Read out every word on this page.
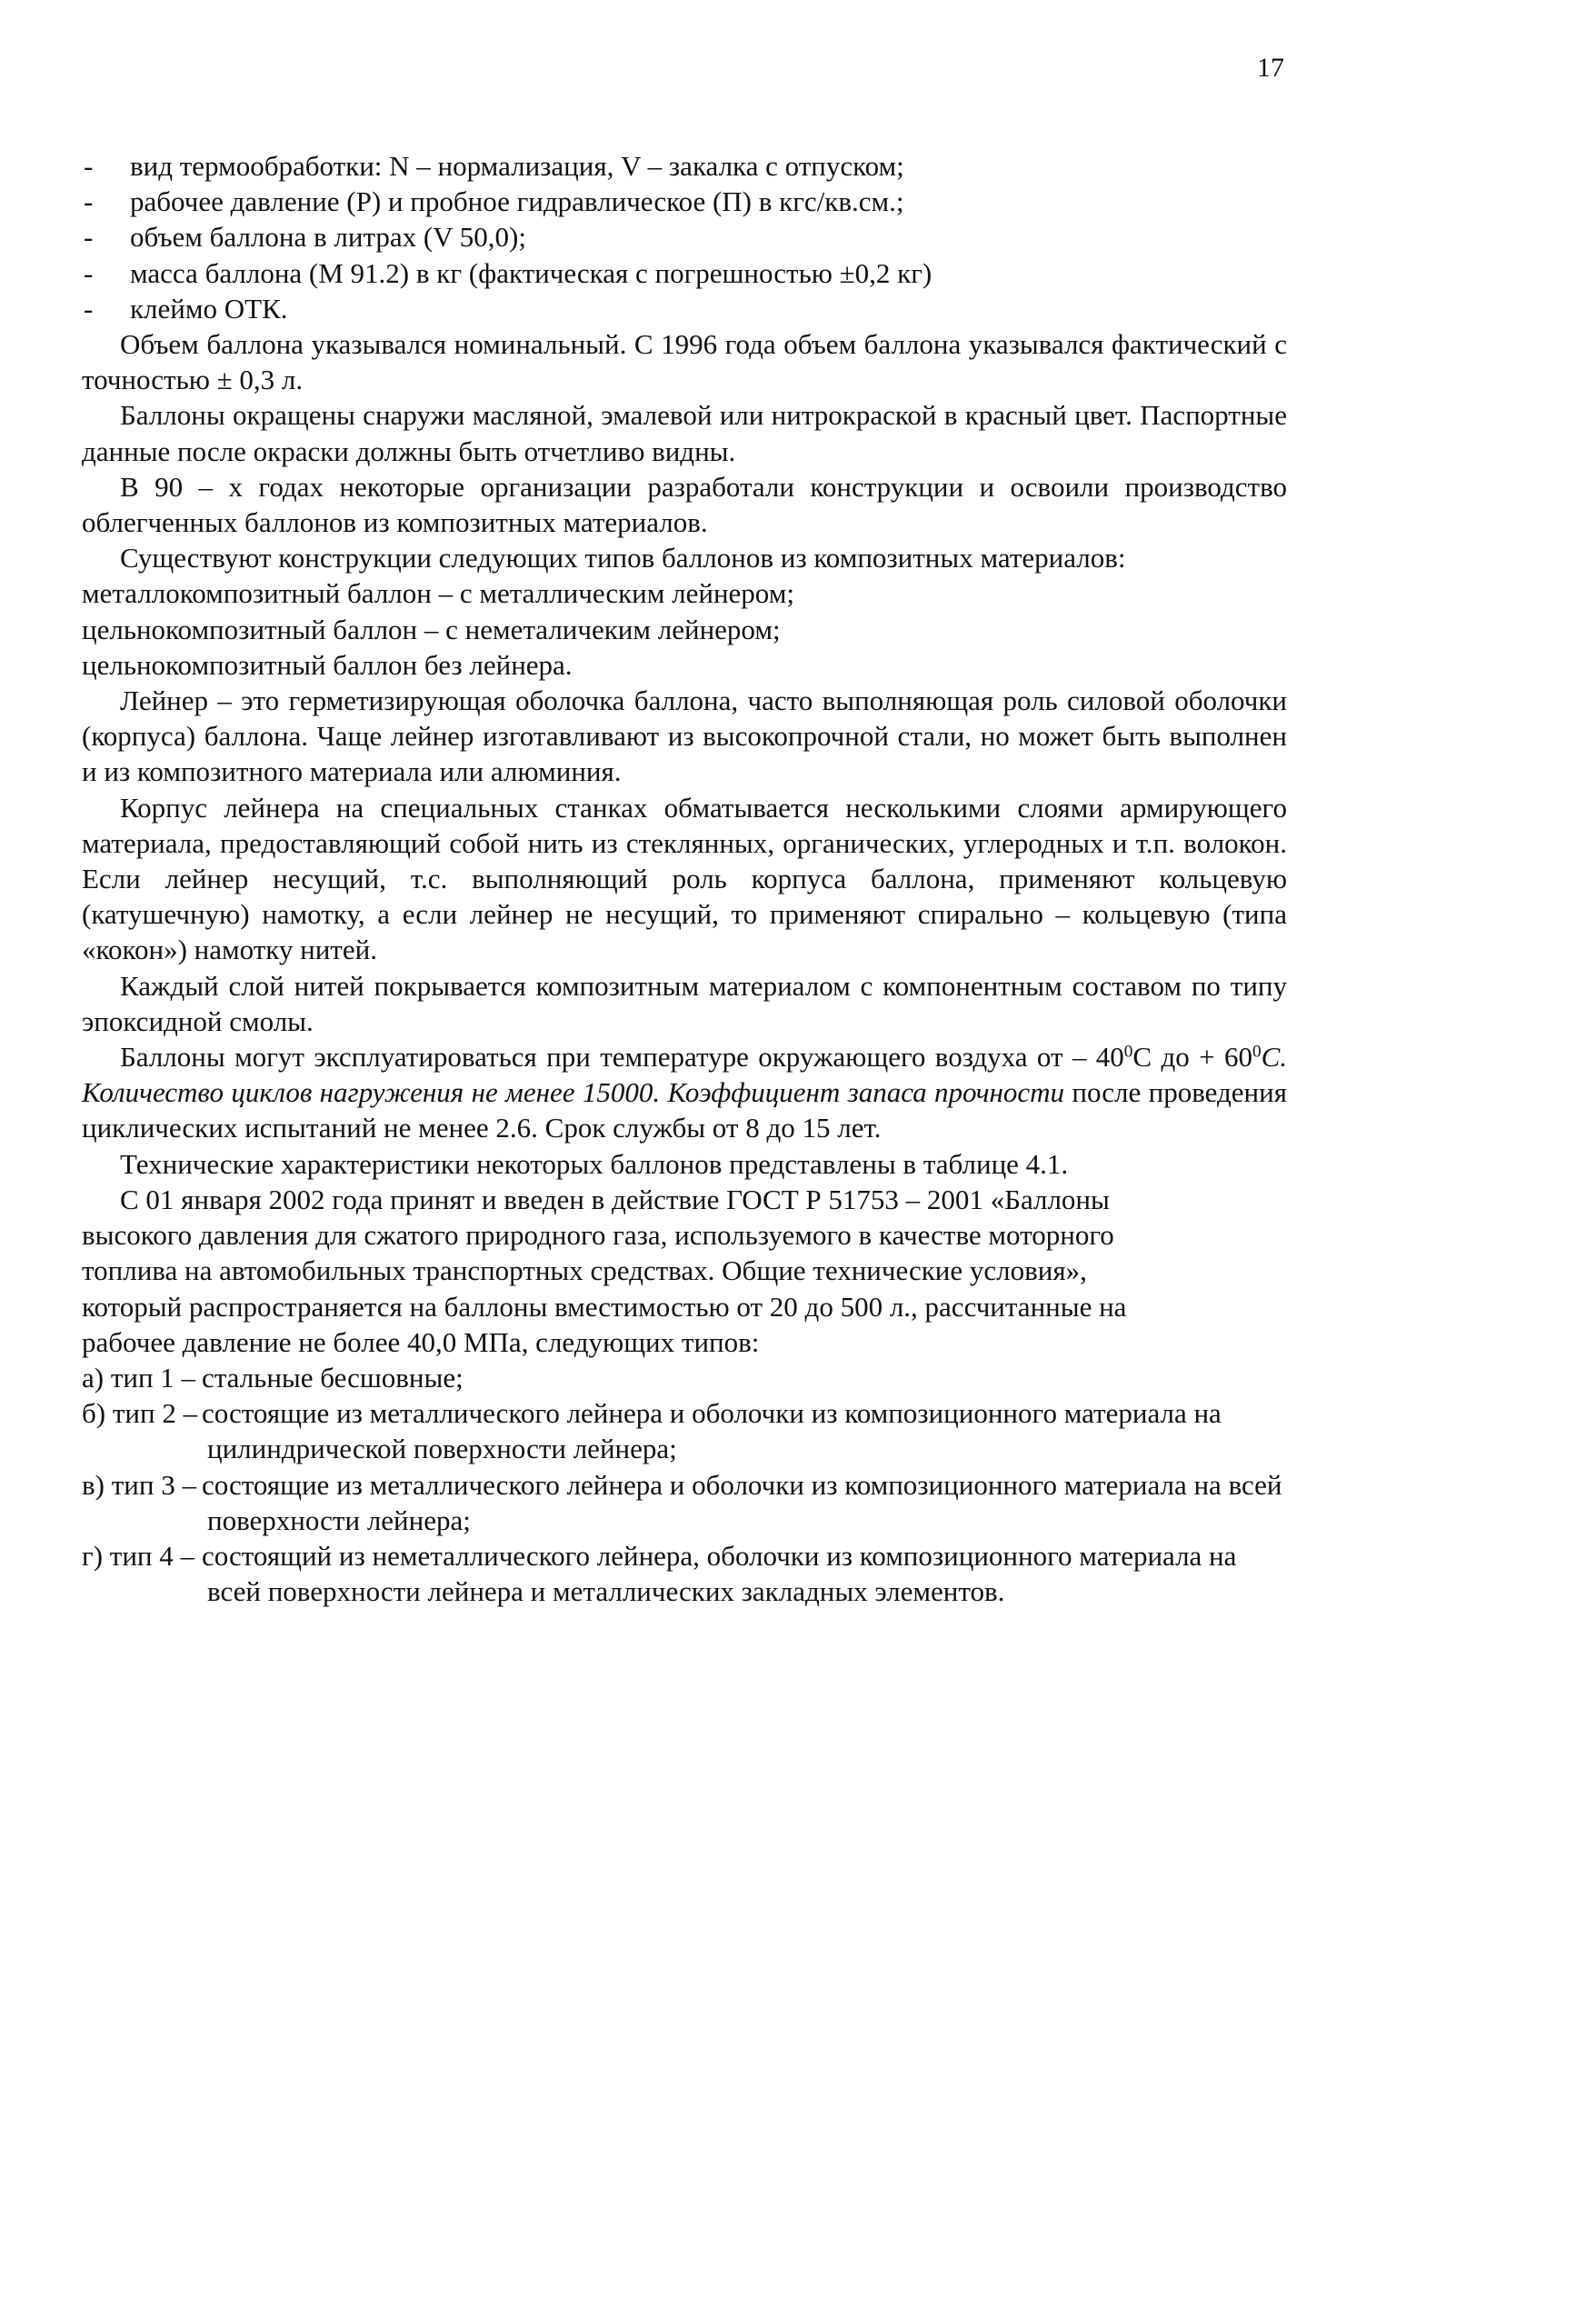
17
- вид термообработки: N – нормализация, V – закалка с отпуском;
- рабочее давление (Р) и пробное гидравлическое (П) в кгс/кв.см.;
- объем баллона в литрах (V 50,0);
- масса баллона (М 91.2) в кг (фактическая с погрешностью ±0,2 кг)
- клеймо ОТК.

Объем баллона указывался номинальный. С 1996 года объем баллона указывался фактический с точностью ± 0,3 л.

Баллоны окращены снаружи масляной, эмалевой или нитрокраской в красный цвет. Паспортные данные после окраски должны быть отчетливо видны.

В 90 – х годах некоторые организации разработали конструкции и освоили производство облегченных баллонов из композитных материалов.

Существуют конструкции следующих типов баллонов из композитных материалов:

металлокомпозитный баллон – с металлическим лейнером;

цельнокомпозитный баллон – с неметаличеким лейнером;

цельнокомпозитный баллон без лейнера.

Лейнер – это герметизирующая оболочка баллона, часто выполняющая роль силовой оболочки (корпуса) баллона. Чаще лейнер изготавливают из высокопрочной стали, но может быть выполнен и из композитного материала или алюминия.

Корпус лейнера на специальных станках обматывается несколькими слоями армирующего материала, предоставляющий собой нить из стеклянных, органических, углеродных и т.п. волокон. Если лейнер несущий, т.с. выполняющий роль корпуса баллона, применяют кольцевую (катушечную) намотку, а если лейнер не несущий, то применяют спирально – кольцевую (типа «кокон») намотку нитей.

Каждый слой нитей покрывается композитным материалом с компонентным составом по типу эпоксидной смолы.

Баллоны могут эксплуатироваться при температуре окружающего воздуха от – $40^0С$ до + $60^0С$. Количество циклов нагружения не менее 15000. Коэффициент запаса прочности после проведения циклических испытаний не менее 2.6. Срок службы от 8 до 15 лет.

Технические характеристики некоторых баллонов представлены в таблице 4.1.

С 01 января 2002 года принят и введен в действие ГОСТ Р 51753 – 2001 «Баллоны

высокого давления для сжатого природного газа, используемого в качестве моторного

топлива на автомобильных транспортных средствах. Общие технические условия»,

который распространяется на баллоны вместимостью от 20 до 500 л., рассчитанные на

рабочее давление не более 40,0 МПа, следующих типов:

а) тип 1 – стальные бесшовные;
б) тип 2 – состоящие из металлического лейнера и оболочки из композиционного материала на цилиндрической поверхности лейнера;
в) тип 3 – состоящие из металлического лейнера и оболочки из композиционного материала на всей поверхности лейнера;
г) тип 4 – состоящий из неметаллического лейнера, оболочки из композиционного материала на всей поверхности лейнера и металлических закладных элементов.
